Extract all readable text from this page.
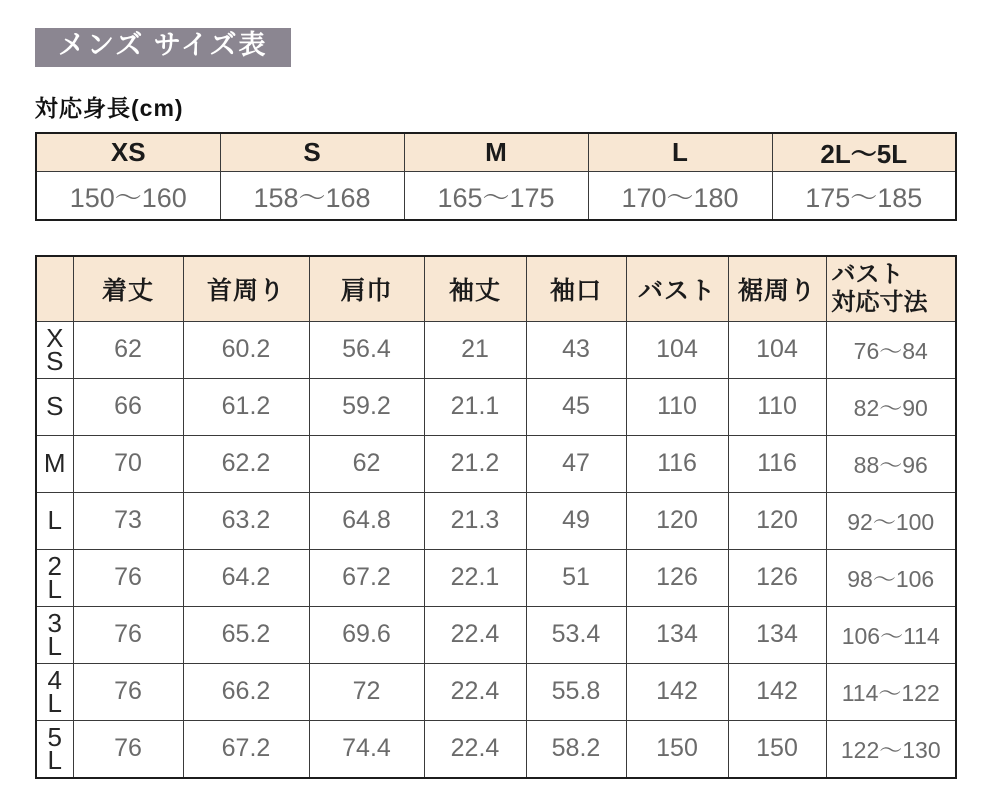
メンズ サイズ表
対応身長(cm)
XS	S	M	L	2L〜5L
150〜160	158〜168	165〜175	170〜180	175〜185
	着丈	首周り	肩巾	袖丈	袖口	バスト	裾周り	バスト
対応寸法

X
S	62	60.2	56.4	21	43	104	104	76〜84

S	66	61.2	59.2	21.1	45	110	110	82〜90

M	70	62.2	62	21.2	47	116	116	88〜96

L	73	63.2	64.8	21.3	49	120	120	92〜100

2
L	76	64.2	67.2	22.1	51	126	126	98〜106

3
L	76	65.2	69.6	22.4	53.4	134	134	106〜114

4
L	76	66.2	72	22.4	55.8	142	142	114〜122

5
L	76	67.2	74.4	22.4	58.2	150	150	122〜130
